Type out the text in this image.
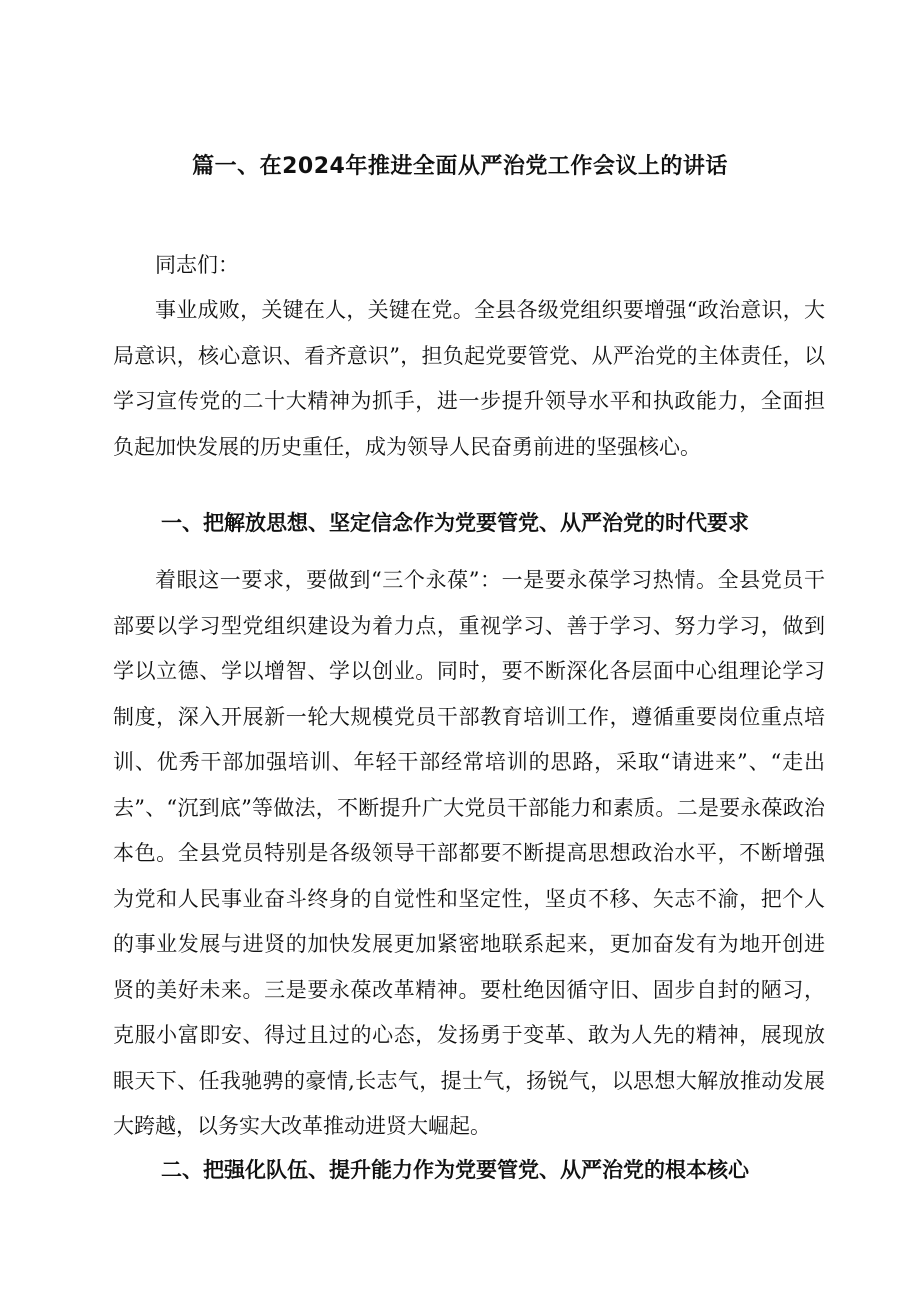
篇一、在2024年推进全面从严治党工作会议上的讲话

同志们：

事业成败，关键在人，关键在党。全县各级党组织要增强“政治意识，大局意识，核心意识、看齐意识”，担负起党要管党、从严治党的主体责任，以学习宣传党的二十大精神为抓手，进一步提升领导水平和执政能力，全面担负起加快发展的历史重任，成为领导人民奋勇前进的坚强核心。

一、把解放思想、坚定信念作为党要管党、从严治党的时代要求

着眼这一要求，要做到“三个永葆”：一是要永葆学习热情。全县党员干部要以学习型党组织建设为着力点，重视学习、善于学习、努力学习，做到学以立德、学以增智、学以创业。同时，要不断深化各层面中心组理论学习制度，深入开展新一轮大规模党员干部教育培训工作，遵循重要岗位重点培训、优秀干部加强培训、年轻干部经常培训的思路，采取“请进来”、“走出去”、“沉到底”等做法，不断提升广大党员干部能力和素质。二是要永葆政治本色。全县党员特别是各级领导干部都要不断提高思想政治水平，不断增强为党和人民事业奋斗终身的自觉性和坚定性，坚贞不移、矢志不渝，把个人的事业发展与进贤的加快发展更加紧密地联系起来，更加奋发有为地开创进贤的美好未来。三是要永葆改革精神。要杜绝因循守旧、固步自封的陋习，克服小富即安、得过且过的心态，发扬勇于变革、敢为人先的精神，展现放眼天下、任我驰骋的豪情,长志气，提士气，扬锐气，以思想大解放推动发展大跨越，以务实大改革推动进贤大崛起。

二、把强化队伍、提升能力作为党要管党、从严治党的根本核心
